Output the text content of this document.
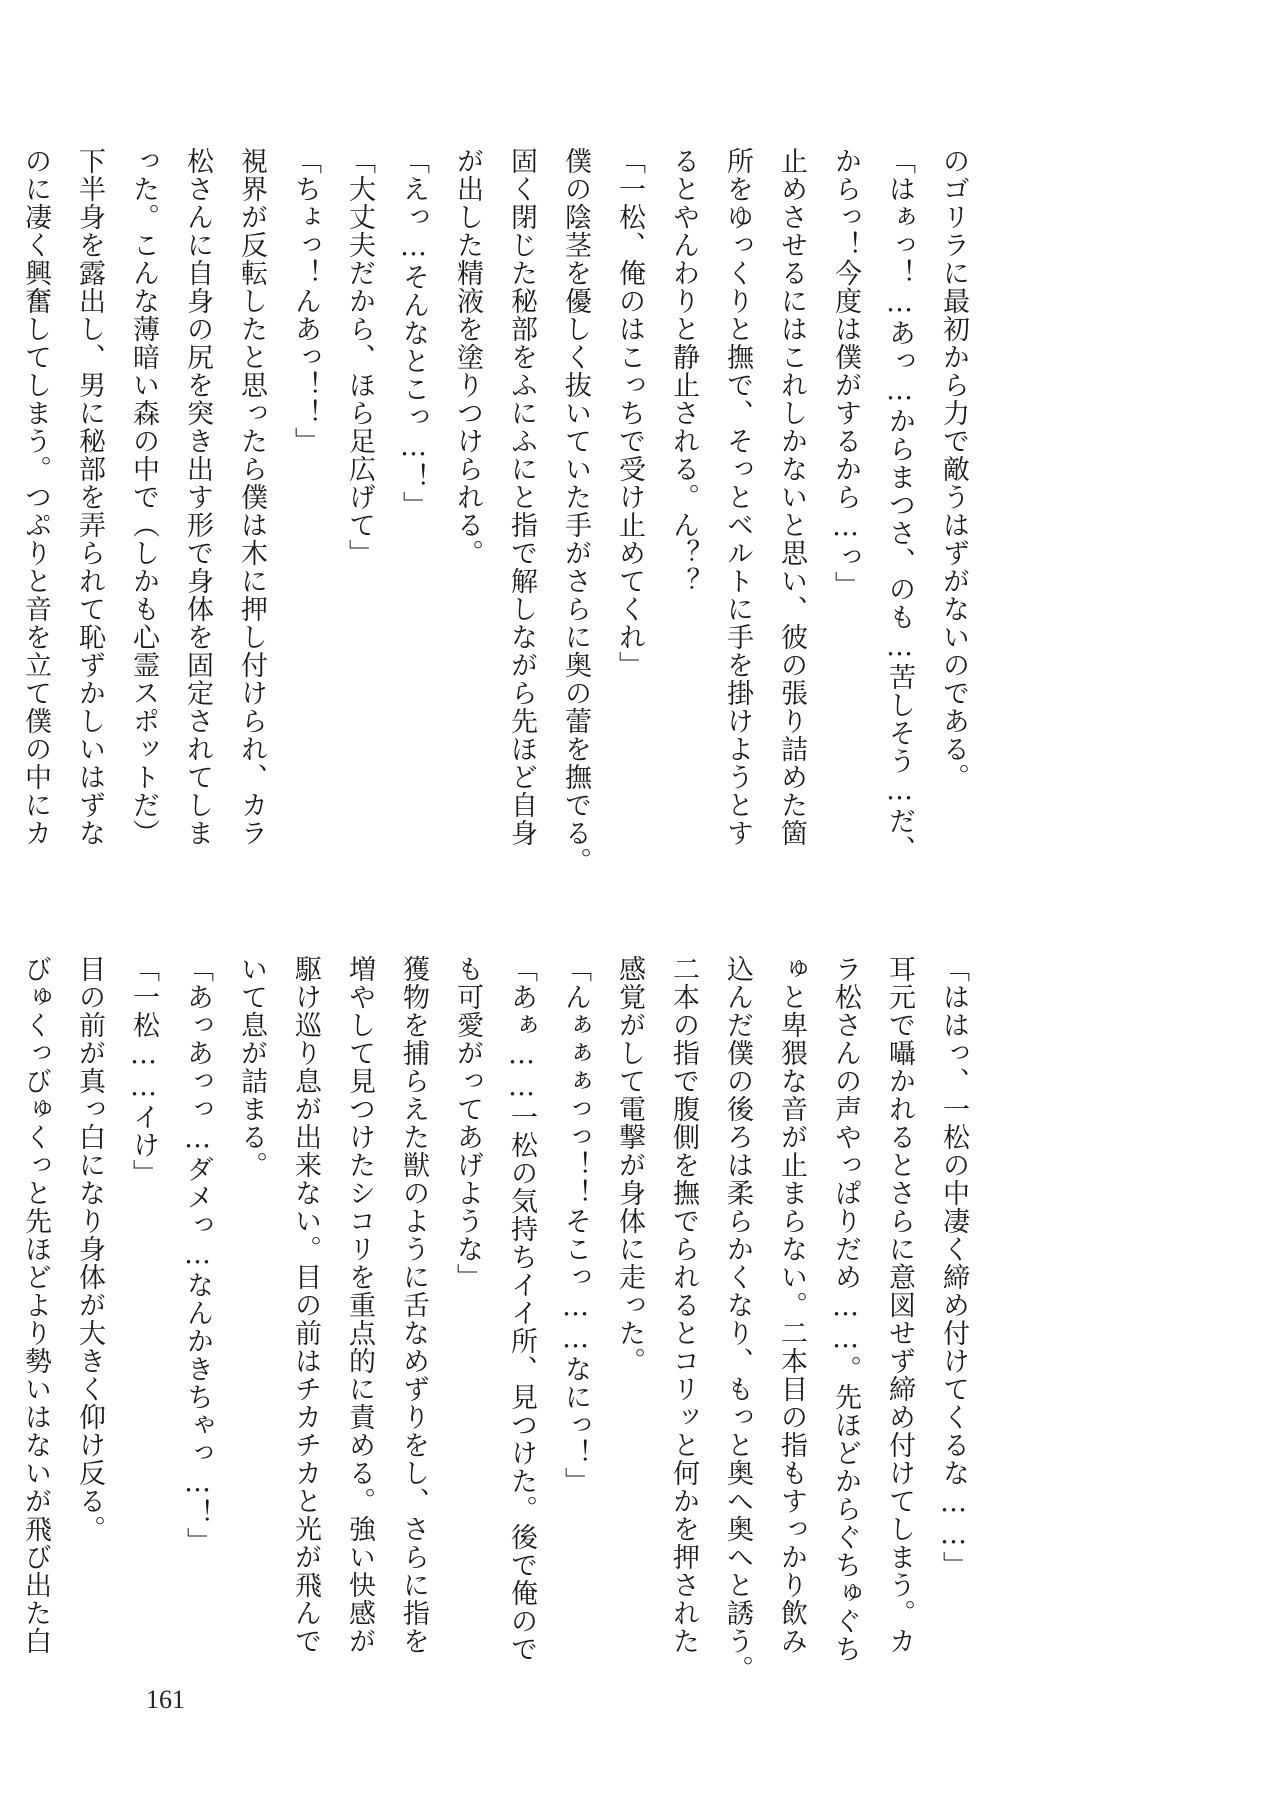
のゴリラに最初から力で敵うはずがないのである。

「はぁっ！…あっ…からまつさ、のも…苦しそう…だ、

からっ！今度は僕がするから…っ」

止めさせるにはこれしかないと思い、彼の張り詰めた箇

所をゆっくりと撫で、そっとベルトに手を掛けようとす

るとやんわりと静止される。ん？？

「一松、俺のはこっちで受け止めてくれ」

僕の陰茎を優しく抜いていた手がさらに奥の蕾を撫でる。

固く閉じた秘部をふにふにと指で解しながら先ほど自身

が出した精液を塗りつけられる。

「えっ…そんなとこっ…！」

「大丈夫だから、ほら足広げて」

「ちょっ！んあっ！！」

視界が反転したと思ったら僕は木に押し付けられ、カラ

松さんに自身の尻を突き出す形で身体を固定されてしま

った。こんな薄暗い森の中で（しかも心霊スポットだ）

下半身を露出し、男に秘部を弄られて恥ずかしいはずな

のに凄く興奮してしまう。つぷりと音を立て僕の中にカ

「ははっ、一松の中凄く締め付けてくるな……」

耳元で囁かれるとさらに意図せず締め付けてしまう。カ

ラ松さんの声やっぱりだめ……。先ほどからぐちゅぐち

ゅと卑猥な音が止まらない。二本目の指もすっかり飲み

込んだ僕の後ろは柔らかくなり、もっと奥へ奥へと誘う。

二本の指で腹側を撫でられるとコリッと何かを押された

感覚がして電撃が身体に走った。

「んぁぁぁっっ！！そこっ……なにっ！」

「あぁ……一松の気持ちイイ所、見つけた。後で俺ので

も可愛がってあげような」

獲物を捕らえた獣のように舌なめずりをし、さらに指を

増やして見つけたシコリを重点的に責める。強い快感が

駆け巡り息が出来ない。目の前はチカチカと光が飛んで

いて息が詰まる。

「あっあっっ…ダメっ…なんかきちゃっ…！」

「一松……イけ」

目の前が真っ白になり身体が大きく仰け反る。

びゅくっびゅくっと先ほどより勢いはないが飛び出た白

161
